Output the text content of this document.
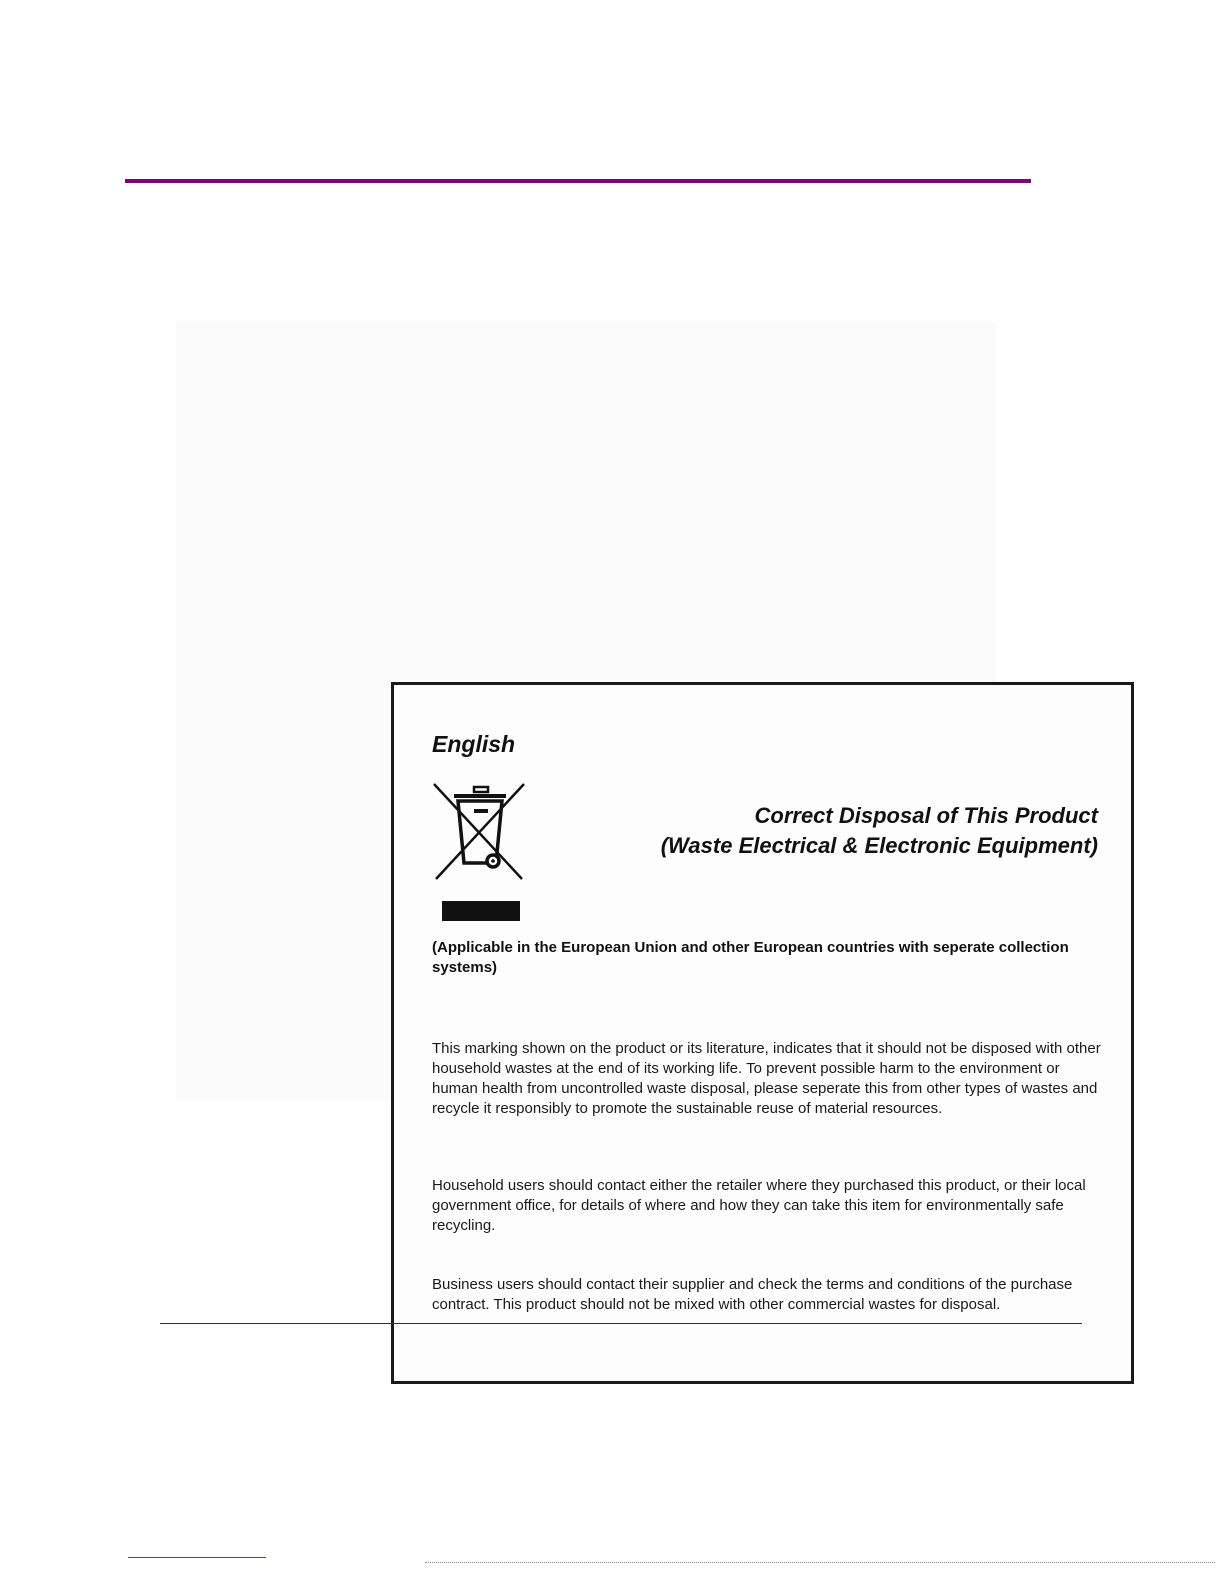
English
Correct Disposal of This Product
(Waste Electrical & Electronic Equipment)

(Applicable in the European Union and other European countries with seperate collection systems)

This marking shown on the product or its literature, indicates that it should not be disposed with other household wastes at the end of its working life. To prevent possible harm to the environment or human health from uncontrolled waste disposal, please seperate this from other types of wastes and recycle it responsibly to promote the sustainable reuse of material resources.

Household users should contact either the retailer where they purchased this product, or their local government office, for details of where and how they can take this item for environmentally safe recycling.

Business users should contact their supplier and check the terms and conditions of the purchase contract. This product should not be mixed with other commercial wastes for disposal.
